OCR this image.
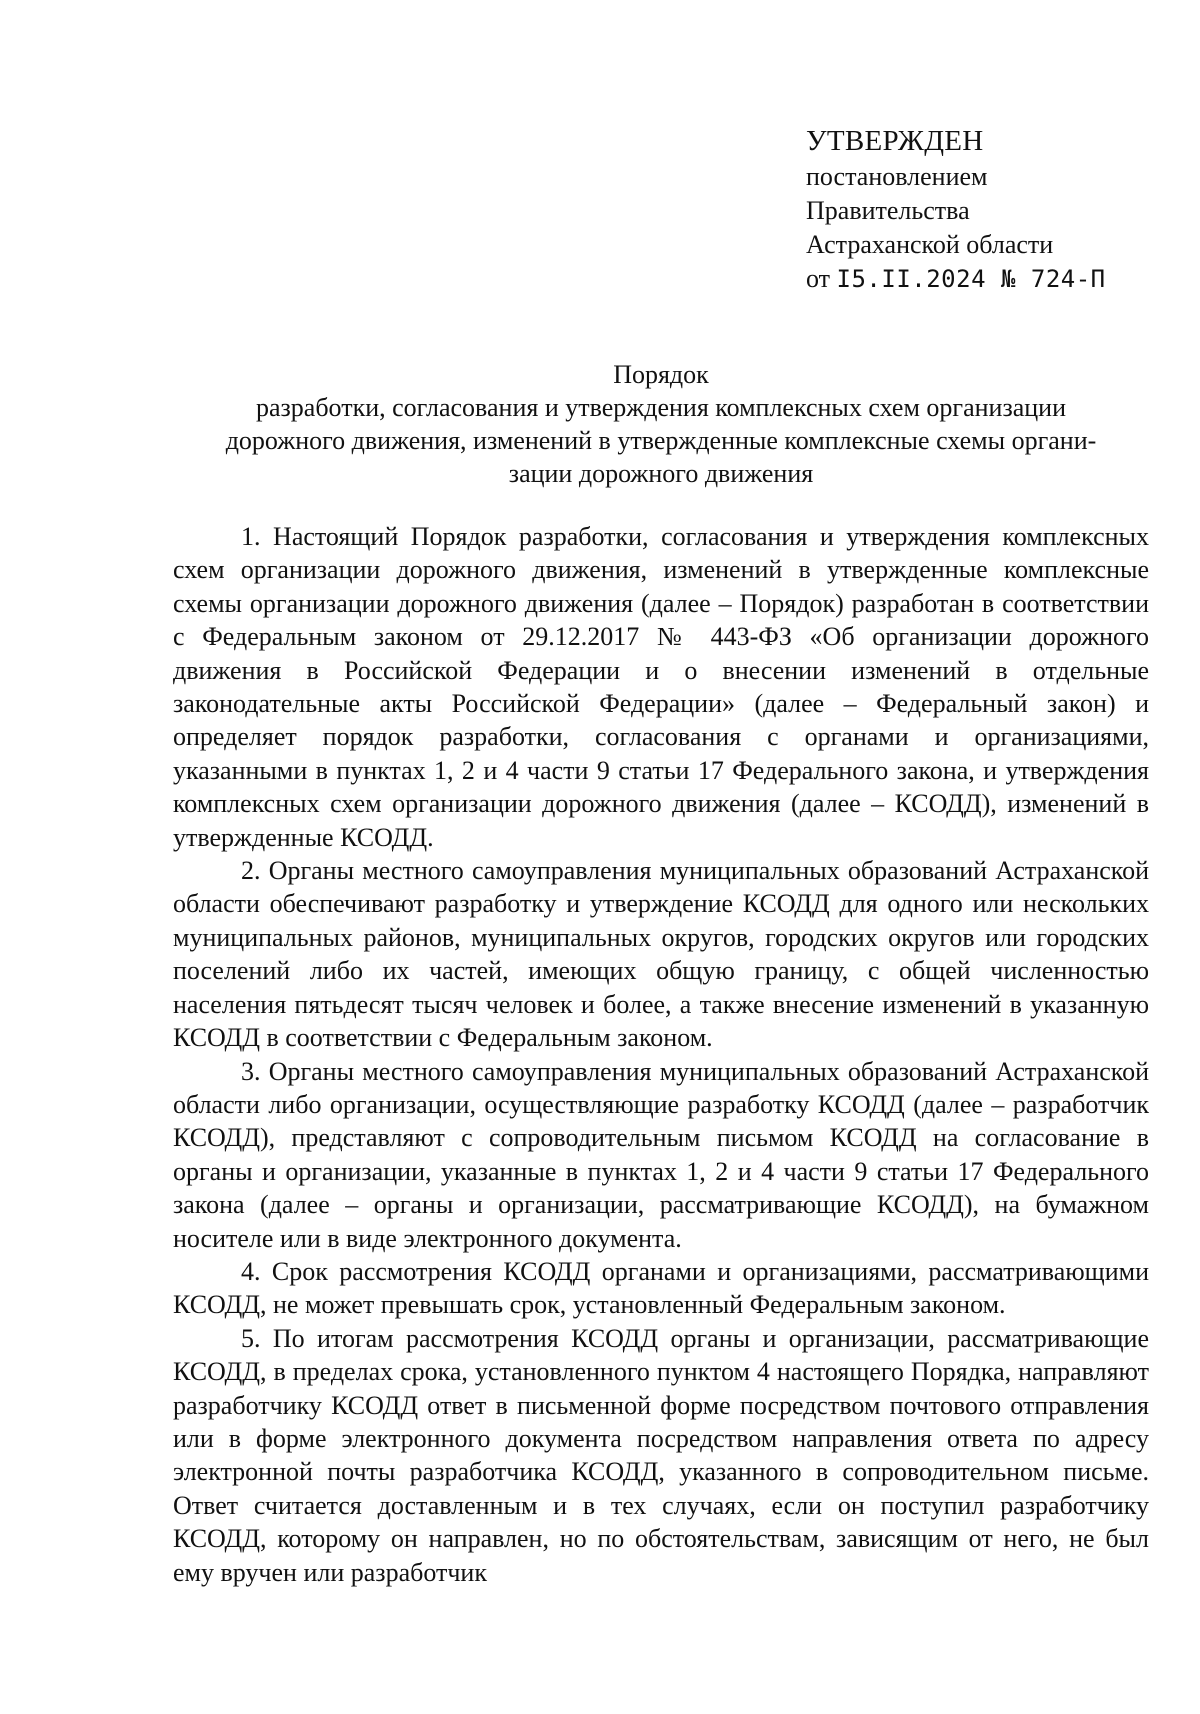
УТВЕРЖДЕН
постановлением
Правительства
Астраханской области
от I5.II.2024 № 724-П
Порядок
разработки, согласования и утверждения комплексных схем организации
дорожного движения, изменений в утвержденные комплексные схемы органи-
зации дорожного движения

1. Настоящий Порядок разработки, согласования и утверждения комплексных схем организации дорожного движения, изменений в утвержденные комплексные схемы организации дорожного движения (далее – Порядок) разработан в соответствии с Федеральным законом от 29.12.2017 № 443-ФЗ «Об организации дорожного движения в Российской Федерации и о внесении изменений в отдельные законодательные акты Российской Федерации» (далее – Федеральный закон) и определяет порядок разработки, согласования с органами и организациями, указанными в пунктах 1, 2 и 4 части 9 статьи 17 Федерального закона, и утверждения комплексных схем организации дорожного движения (далее – КСОДД), изменений в утвержденные КСОДД.

2. Органы местного самоуправления муниципальных образований Астраханской области обеспечивают разработку и утверждение КСОДД для одного или нескольких муниципальных районов, муниципальных округов, городских округов или городских поселений либо их частей, имеющих общую границу, с общей численностью населения пятьдесят тысяч человек и более, а также внесение изменений в указанную КСОДД в соответствии с Федеральным законом.

3. Органы местного самоуправления муниципальных образований Астраханской области либо организации, осуществляющие разработку КСОДД (далее – разработчик КСОДД), представляют с сопроводительным письмом КСОДД на согласование в органы и организации, указанные в пунктах 1, 2 и 4 части 9 статьи 17 Федерального закона (далее – органы и организации, рассматривающие КСОДД), на бумажном носителе или в виде электронного документа.

4. Срок рассмотрения КСОДД органами и организациями, рассматривающими КСОДД, не может превышать срок, установленный Федеральным законом.

5. По итогам рассмотрения КСОДД органы и организации, рассматривающие КСОДД, в пределах срока, установленного пунктом 4 настоящего Порядка, направляют разработчику КСОДД ответ в письменной форме посредством почтового отправления или в форме электронного документа посредством направления ответа по адресу электронной почты разработчика КСОДД, указанного в сопроводительном письме. Ответ считается доставленным и в тех случаях, если он поступил разработчику КСОДД, которому он направлен, но по обстоятельствам, зависящим от него, не был ему вручен или разработчик
